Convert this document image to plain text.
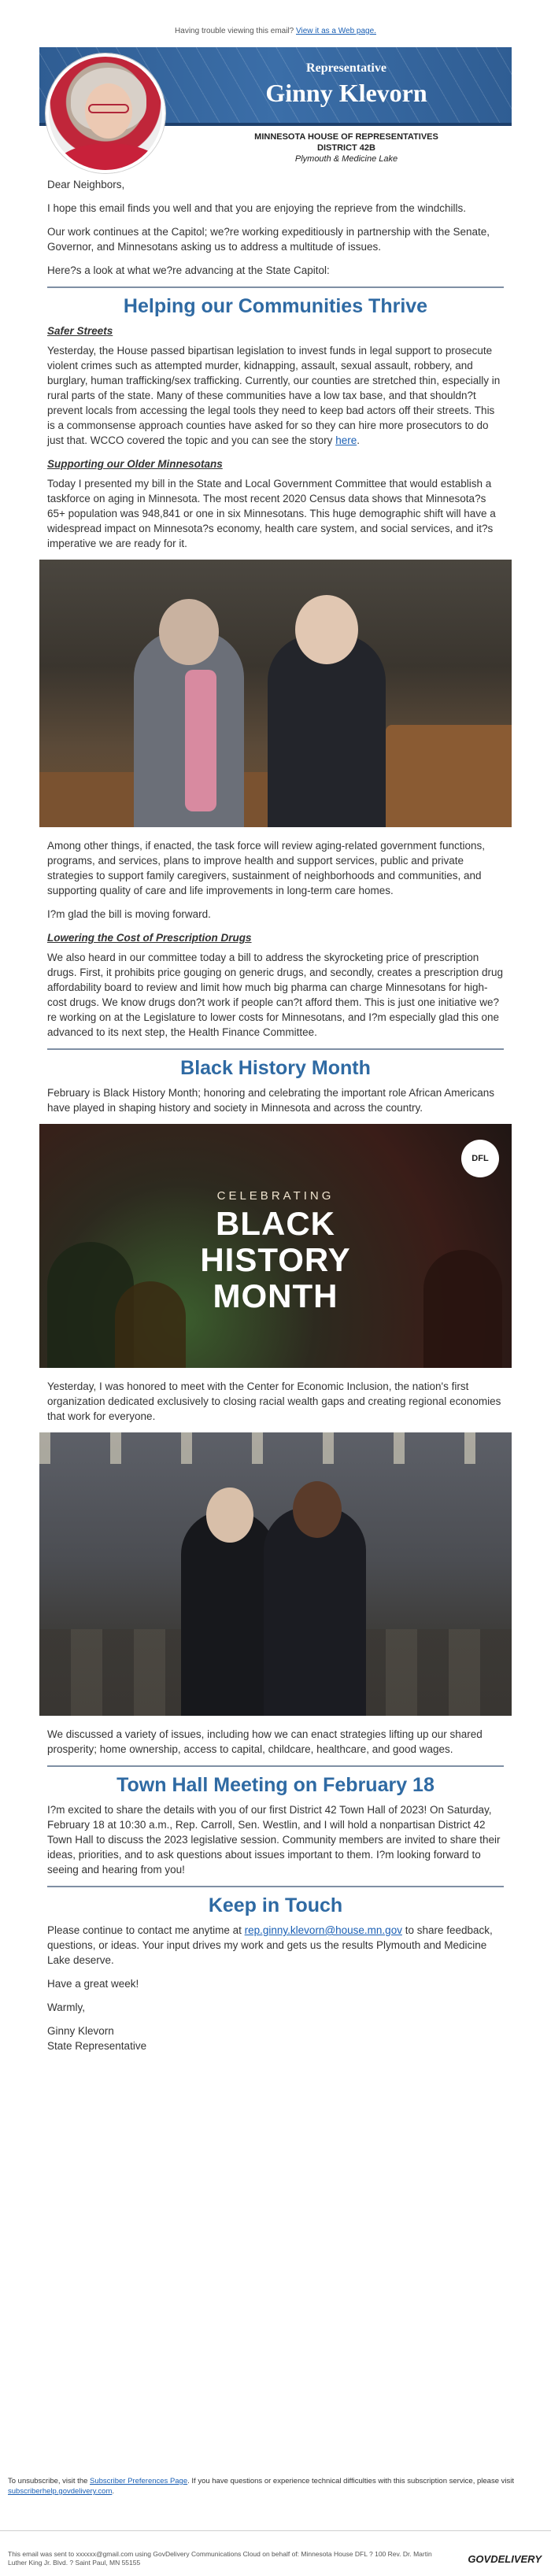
Having trouble viewing this email? View it as a Web page.
Representative
Ginny Klevorn
MINNESOTA HOUSE OF REPRESENTATIVES
DISTRICT 42B
Plymouth & Medicine Lake

Dear Neighbors,

I hope this email finds you well and that you are enjoying the reprieve from the windchills.

Our work continues at the Capitol; we?re working expeditiously in partnership with the Senate, Governor, and Minnesotans asking us to address a multitude of issues.

Here?s a look at what we?re advancing at the State Capitol:

Helping our Communities Thrive
Safer Streets

Yesterday, the House passed bipartisan legislation to invest funds in legal support to prosecute violent crimes such as attempted murder, kidnapping, assault, sexual assault, robbery, and burglary, human trafficking/sex trafficking. Currently, our counties are stretched thin, especially in rural parts of the state. Many of these communities have a low tax base, and that shouldn?t prevent locals from accessing the legal tools they need to keep bad actors off their streets. This is a commonsense approach counties have asked for so they can hire more prosecutors to do just that. WCCO covered the topic and you can see the story here.

Supporting our Older Minnesotans

Today I presented my bill in the State and Local Government Committee that would establish a taskforce on aging in Minnesota. The most recent 2020 Census data shows that Minnesota?s 65+ population was 948,841 or one in six Minnesotans. This huge demographic shift will have a widespread impact on Minnesota?s economy, health care system, and social services, and it?s imperative we are ready for it.

Among other things, if enacted, the task force will review aging-related government functions, programs, and services, plans to improve health and support services, public and private strategies to support family caregivers, sustainment of neighborhoods and communities, and supporting quality of care and life improvements in long-term care homes.

I?m glad the bill is moving forward.

Lowering the Cost of Prescription Drugs

We also heard in our committee today a bill to address the skyrocketing price of prescription drugs. First, it prohibits price gouging on generic drugs, and secondly, creates a prescription drug affordability board to review and limit how much big pharma can charge Minnesotans for high-cost drugs. We know drugs don?t work if people can?t afford them. This is just one initiative we?re working on at the Legislature to lower costs for Minnesotans, and I?m especially glad this one advanced to its next step, the Health Finance Committee.

Black History Month

February is Black History Month; honoring and celebrating the important role African Americans have played in shaping history and society in Minnesota and across the country.

DFL
CELEBRATING
BLACK
HISTORY
MONTH

Yesterday, I was honored to meet with the Center for Economic Inclusion, the nation's first organization dedicated exclusively to closing racial wealth gaps and creating regional economies that work for everyone.

We discussed a variety of issues, including how we can enact strategies lifting up our shared prosperity; home ownership, access to capital, childcare, healthcare, and good wages.

Town Hall Meeting on February 18

I?m excited to share the details with you of our first District 42 Town Hall of 2023! On Saturday, February 18 at 10:30 a.m., Rep. Carroll, Sen. Westlin, and I will hold a nonpartisan District 42 Town Hall to discuss the 2023 legislative session. Community members are invited to share their ideas, priorities, and to ask questions about issues important to them. I?m looking forward to seeing and hearing from you!

Keep in Touch

Please continue to contact me anytime at rep.ginny.klevorn@house.mn.gov to share feedback, questions, or ideas. Your input drives my work and gets us the results Plymouth and Medicine Lake deserve.

Have a great week!

Warmly,

Ginny Klevorn
State Representative

To unsubscribe, visit the Subscriber Preferences Page. If you have questions or experience technical difficulties with this subscription service, please visit subscriberhelp.govdelivery.com.
This email was sent to xxxxxx@gmail.com using GovDelivery Communications Cloud on behalf of: Minnesota House DFL ? 100 Rev. Dr. Martin Luther King Jr. Blvd. ? Saint Paul, MN 55155	GOVDELIVERY
